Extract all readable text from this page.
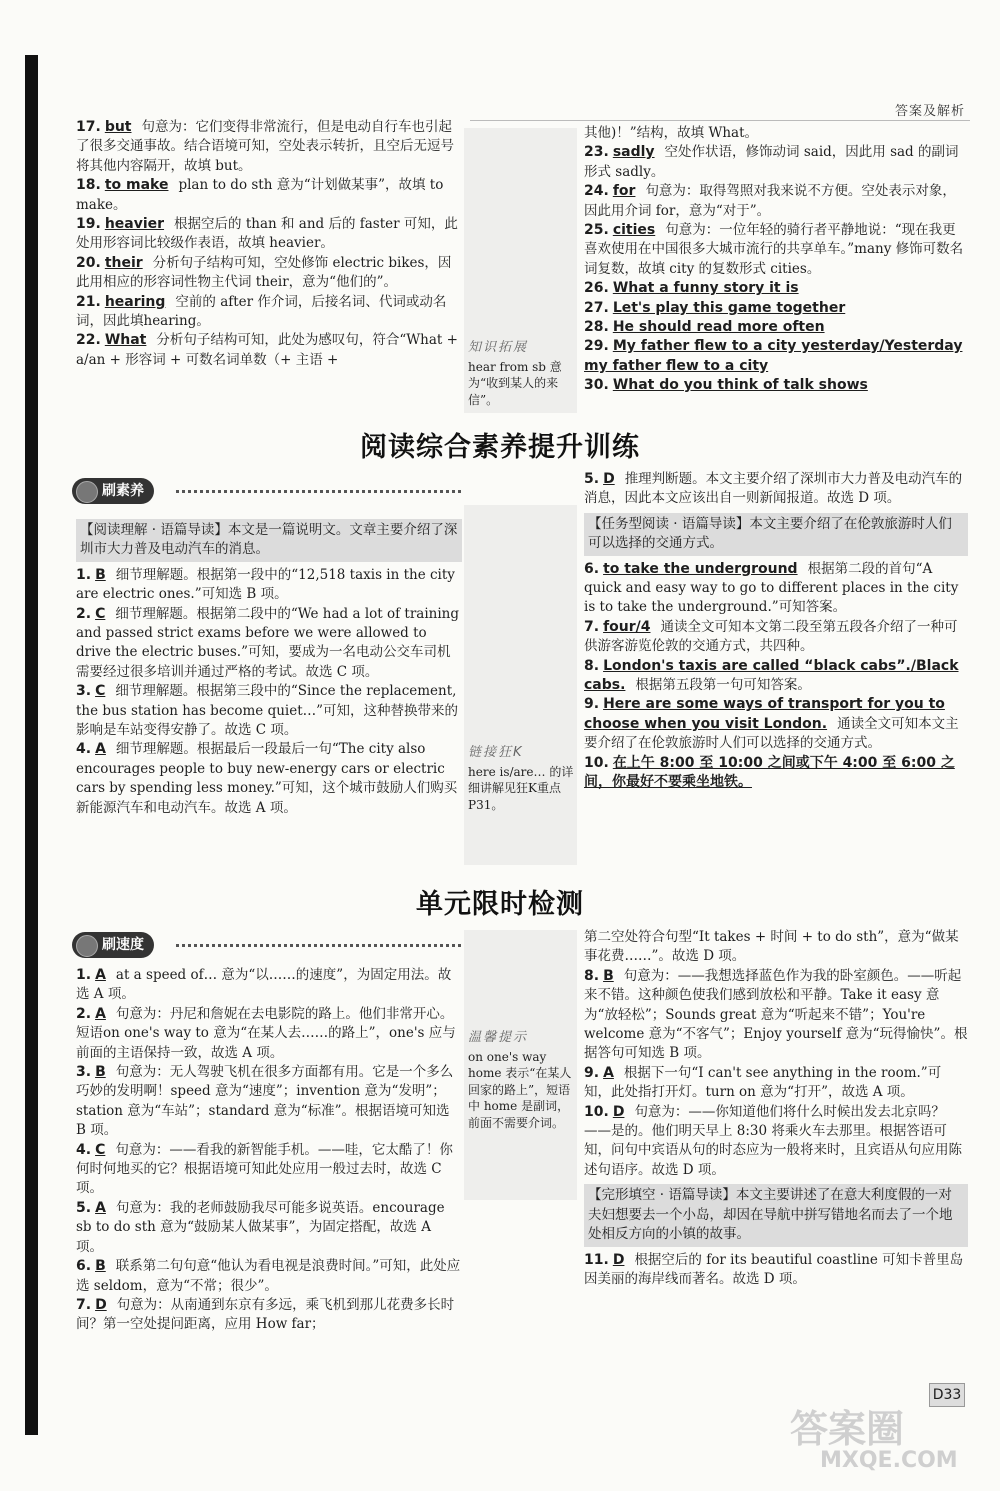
答案及解析
17. but 句意为：它们变得非常流行，但是电动自行车也引起了很多交通事故。结合语境可知，空处表示转折，且空后无逗号将其他内容隔开，故填 but。
18. to make plan to do sth 意为“计划做某事”，故填 to make。
19. heavier 根据空后的 than 和 and 后的 faster 可知，此处用形容词比较级作表语，故填 heavier。
20. their 分析句子结构可知，空处修饰 electric bikes，因此用相应的形容词性物主代词 their，意为“他们的”。
21. hearing 空前的 after 作介词，后接名词、代词或动名词，因此填hearing。
22. What 分析句子结构可知，此处为感叹句，符合“What + a/an + 形容词 + 可数名词单数（+ 主语 +
其他)！”结构，故填 What。
23. sadly 空处作状语，修饰动词 said，因此用 sad 的副词形式 sadly。
24. for 句意为：取得驾照对我来说不方便。空处表示对象，因此用介词 for，意为“对于”。
25. cities 句意为：一位年轻的骑行者平静地说：“现在我更喜欢使用在中国很多大城市流行的共享单车。”many 修饰可数名词复数，故填 city 的复数形式 cities。
26. What a funny story it is
27. Let's play this game together
28. He should read more often
29. My father flew to a city yesterday/Yesterday my father flew to a city
30. What do you think of talk shows
知识拓展
hear from sb 意为“收到某人的来信”。
阅读综合素养提升训练
刷素养
【阅读理解 · 语篇导读】本文是一篇说明文。文章主要介绍了深圳市大力普及电动汽车的消息。
1. B 细节理解题。根据第一段中的“12,518 taxis in the city are electric ones.”可知选 B 项。
2. C 细节理解题。根据第二段中的“We had a lot of training and passed strict exams before we were allowed to drive the electric buses.”可知，要成为一名电动公交车司机需要经过很多培训并通过严格的考试。故选 C 项。
3. C 细节理解题。根据第三段中的“Since the replacement, the bus station has become quiet…”可知，这种替换带来的影响是车站变得安静了。故选 C 项。
4. A 细节理解题。根据最后一段最后一句“The city also encourages people to buy new-energy cars or electric cars by spending less money.”可知，这个城市鼓励人们购买新能源汽车和电动汽车。故选 A 项。
5. D 推理判断题。本文主要介绍了深圳市大力普及电动汽车的消息，因此本文应该出自一则新闻报道。故选 D 项。
【任务型阅读 · 语篇导读】本文主要介绍了在伦敦旅游时人们可以选择的交通方式。
6. to take the underground 根据第二段的首句“A quick and easy way to go to different places in the city is to take the underground.”可知答案。
7. four/4 通读全文可知本文第二段至第五段各介绍了一种可供游客游览伦敦的交通方式，共四种。
8. London's taxis are called “black cabs”./Black cabs. 根据第五段第一句可知答案。
9. Here are some ways of transport for you to choose when you visit London. 通读全文可知本文主要介绍了在伦敦旅游时人们可以选择的交通方式。
10. 在上午 8:00 至 10:00 之间或下午 4:00 至 6:00 之间，你最好不要乘坐地铁。
链接狂K
here is/are… 的详细讲解见狂K重点 P31。
单元限时检测
刷速度
1. A at a speed of… 意为“以……的速度”，为固定用法。故选 A 项。
2. A 句意为：丹尼和詹妮在去电影院的路上。他们非常开心。短语on one's way to 意为“在某人去……的路上”，one's 应与前面的主语保持一致，故选 A 项。
3. B 句意为：无人驾驶飞机在很多方面都有用。它是一个多么巧妙的发明啊！speed 意为“速度”；invention 意为“发明”；station 意为“车站”；standard 意为“标准”。根据语境可知选 B 项。
4. C 句意为：——看我的新智能手机。——哇，它太酷了！你何时何地买的它？根据语境可知此处应用一般过去时，故选 C 项。
5. A 句意为：我的老师鼓励我尽可能多说英语。encourage sb to do sth 意为“鼓励某人做某事”，为固定搭配，故选 A 项。
6. B 联系第二句句意“他认为看电视是浪费时间。”可知，此处应选 seldom，意为“不常；很少”。
7. D 句意为：从南通到东京有多远，乘飞机到那儿花费多长时间？第一空处提问距离，应用 How far；
第二空处符合句型“It takes + 时间 + to do sth”，意为“做某事花费……”。故选 D 项。
8. B 句意为：——我想选择蓝色作为我的卧室颜色。——听起来不错。这种颜色使我们感到放松和平静。Take it easy 意为“放轻松”；Sounds great 意为“听起来不错”；You're welcome 意为“不客气”；Enjoy yourself 意为“玩得愉快”。根据答句可知选 B 项。
9. A 根据下一句“I can't see anything in the room.”可知，此处指打开灯。turn on 意为“打开”，故选 A 项。
10. D 句意为：——你知道他们将什么时候出发去北京吗？——是的。他们明天早上 8:30 将乘火车去那里。根据答语可知，问句中宾语从句的时态应为一般将来时，且宾语从句应用陈述句语序。故选 D 项。
【完形填空 · 语篇导读】本文主要讲述了在意大利度假的一对夫妇想要去一个小岛，却因在导航中拼写错地名而去了一个地处相反方向的小镇的故事。
11. D 根据空后的 for its beautiful coastline 可知卡普里岛因美丽的海岸线而著名。故选 D 项。
温馨提示
on one's way home 表示“在某人回家的路上”，短语中 home 是副词，前面不需要介词。
D33
答案圈
MXQE.COM
